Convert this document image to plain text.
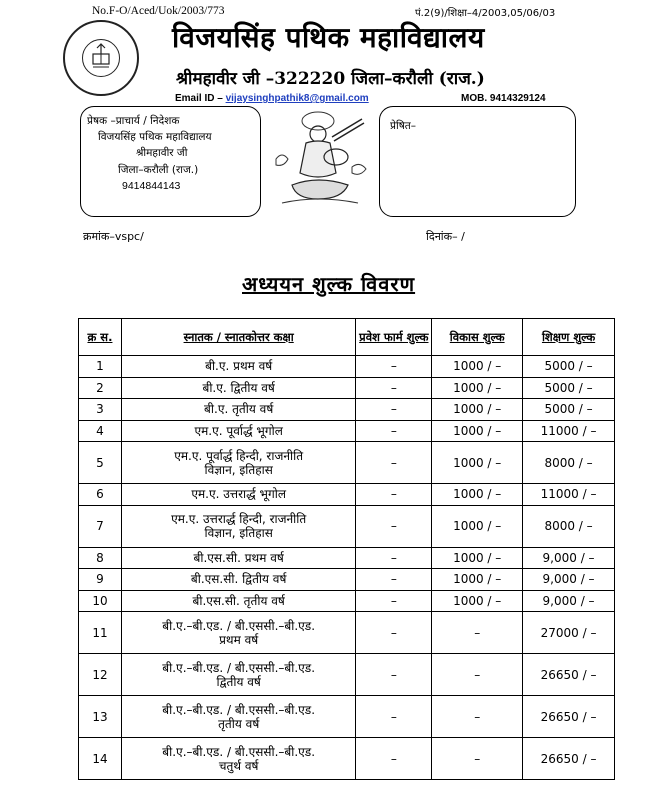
No.F-O/Aced/Uok/2003/773	पं.2(9)/शिक्षा–4/2003,05/06/03
विजयसिंह पथिक महाविद्यालय
श्रीमहावीर जी –322220 जिला–करौली (राज.)
Email ID – vijaysinghpathik8@gmail.com	MOB. 9414329124
प्रेषक –प्राचार्य / निदेशक
विजयसिंह पथिक महाविद्यालय
श्रीमहावीर जी
जिला–करौली (राज.)
9414844143
प्रेषित–
क्रमांक–vspc/	दिनांक– /
अध्ययन शुल्क विवरण
क्र स.	स्नातक / स्नातकोत्तर कक्षा	प्रवेश फार्म शुल्क	विकास शुल्क	शिक्षण शुल्क
1	बी.ए. प्रथम वर्ष	–	1000 / –	5000 / –
2	बी.ए. द्वितीय वर्ष	–	1000 / –	5000 / –
3	बी.ए. तृतीय वर्ष	–	1000 / –	5000 / –
4	एम.ए. पूर्वार्द्ध भूगोल	–	1000 / –	11000 / –
5	एम.ए. पूर्वार्द्ध हिन्दी, राजनीति
विज्ञान, इतिहास	–	1000 / –	8000 / –
6	एम.ए. उत्तरार्द्ध भूगोल	–	1000 / –	11000 / –
7	एम.ए. उत्तरार्द्ध हिन्दी, राजनीति
विज्ञान, इतिहास	–	1000 / –	8000 / –
8	बी.एस.सी. प्रथम वर्ष	–	1000 / –	9,000 / –
9	बी.एस.सी. द्वितीय वर्ष	–	1000 / –	9,000 / –
10	बी.एस.सी. तृतीय वर्ष	–	1000 / –	9,000 / –
11	बी.ए.–बी.एड. / बी.एससी.–बी.एड.
प्रथम वर्ष	–	–	27000 / –
12	बी.ए.–बी.एड. / बी.एससी.–बी.एड.
द्वितीय वर्ष	–	–	26650 / –
13	बी.ए.–बी.एड. / बी.एससी.–बी.एड.
तृतीय वर्ष	–	–	26650 / –
14	बी.ए.–बी.एड. / बी.एससी.–बी.एड.
चतुर्थ वर्ष	–	–	26650 / –
